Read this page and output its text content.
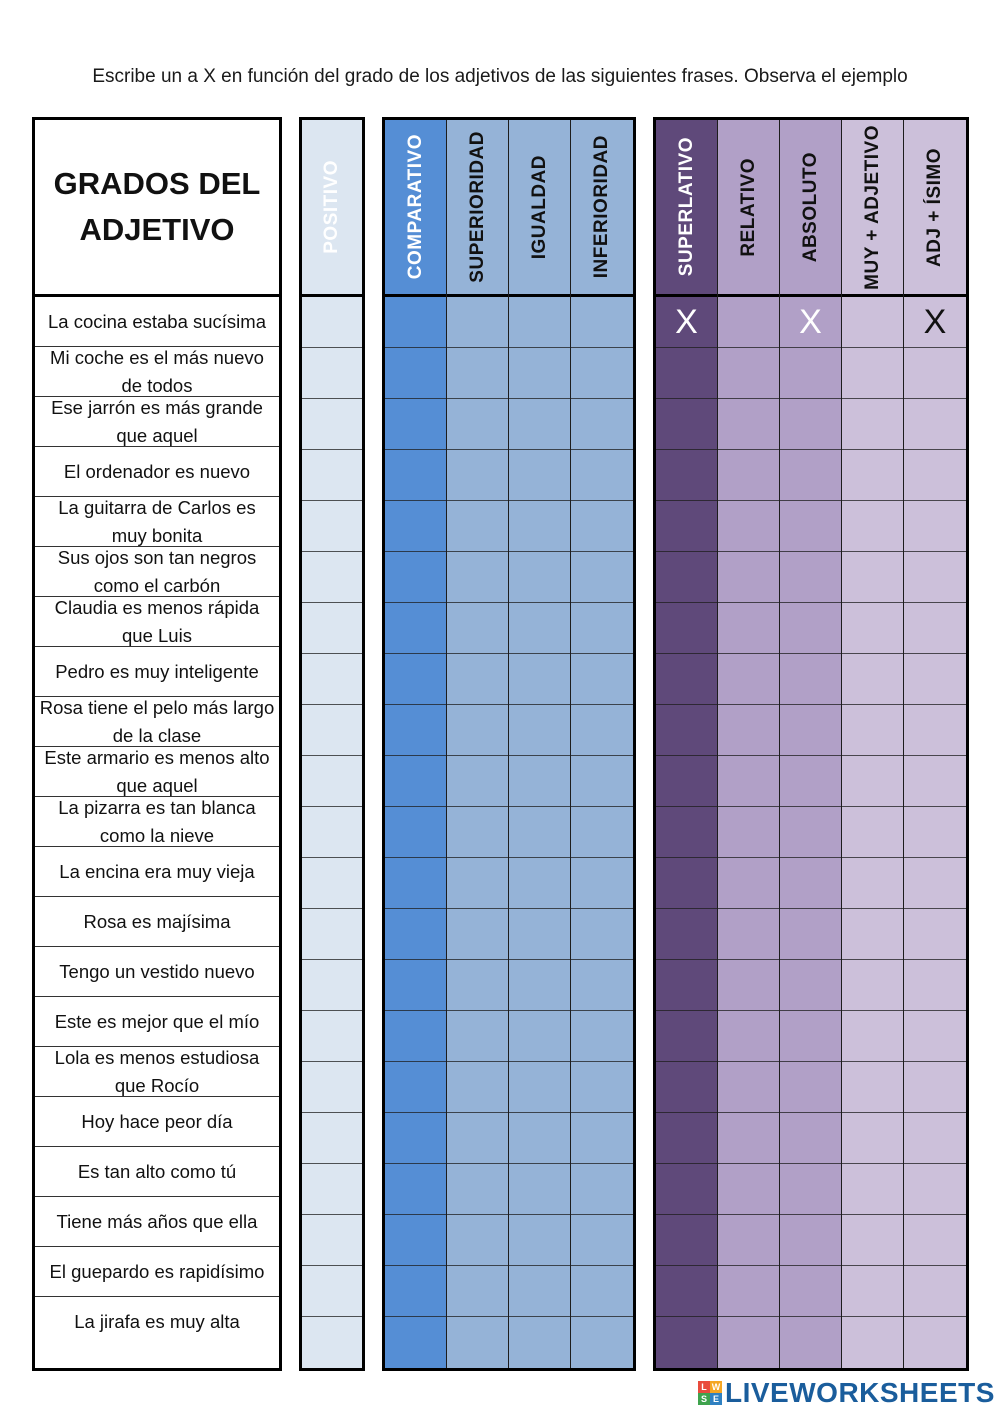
Escribe un a X en función del grado de los adjetivos de las siguientes frases. Observa el ejemplo
GRADOS DEL
ADJETIVO
La cocina estaba sucísima
Mi coche es el más nuevo de todos
Ese jarrón es más grande que aquel
El ordenador es nuevo
La guitarra de Carlos es muy bonita
Sus ojos son tan negros como el carbón
Claudia es menos rápida que Luis
Pedro es muy inteligente
Rosa tiene el pelo más largo de la clase
Este armario es menos alto que aquel
La pizarra es tan blanca como la nieve
La encina era muy vieja
Rosa es majísima
Tengo un vestido nuevo
Este es mejor que el mío
Lola es menos estudiosa que Rocío
Hoy hace peor día
Es tan alto como tú
Tiene más años que ella
El guepardo es rapidísimo
La jirafa es muy alta
POSITIVO	COMPARATIVO SUPERIORIDAD IGUALDAD INFERIORIDAD	SUPERLATIVO
X
RELATIVO ABSOLUTO
X
MUY + ADJETIVO ADJ + ÍSIMO
X
L W
S E LIVEWORKSHEETS
